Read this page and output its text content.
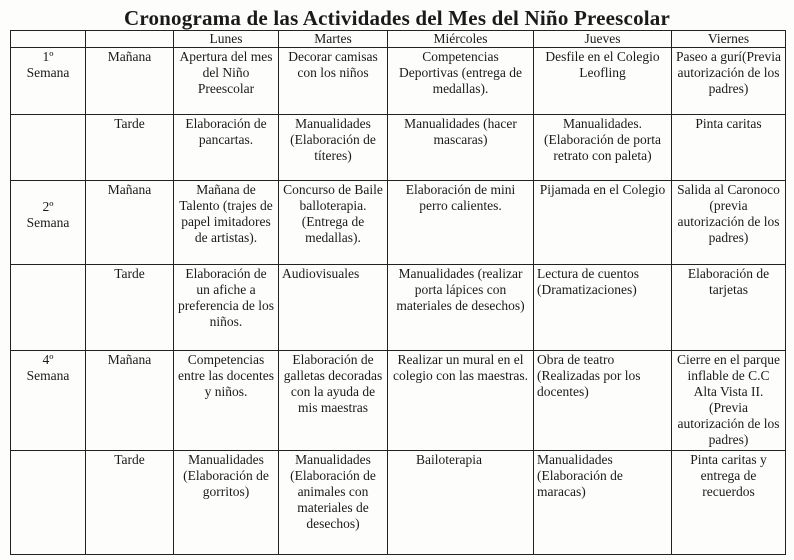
Cronograma de las Actividades del Mes del Niño Preescolar
		Lunes	Martes	Miércoles	Jueves	Viernes

1º
Semana	Mañana	Apertura del mes del Niño Preescolar	Decorar camisas con los niños	Competencias Deportivas (entrega de medallas).	Desfile en el Colegio Leofling	Paseo a gurí(Previa autorización de los padres)
	Tarde	Elaboración de pancartas.	Manualidades (Elaboración de títeres)	Manualidades (hacer mascaras)	Manualidades. (Elaboración de porta retrato con paleta)	Pinta caritas

2º
Semana	Mañana	Mañana de Talento (trajes de papel imitadores de artistas).	Concurso de Baile balloterapia. (Entrega de medallas).	Elaboración de mini perro calientes.	Pijamada en el Colegio	Salida al Caronoco (previa autorización de los padres)
	Tarde	Elaboración de un afiche a preferencia de los niños.	Audiovisuales	Manualidades (realizar porta lápices con materiales de desechos)	Lectura de cuentos (Dramatizaciones)	Elaboración de tarjetas

4º
Semana	Mañana	Competencias entre las docentes y niños.	Elaboración de galletas decoradas con la ayuda de mis maestras	Realizar un mural en el colegio con las maestras.	Obra de teatro (Realizadas por los docentes)	Cierre en el parque inflable de C.C Alta Vista II.(Previa autorización de los padres)
	Tarde	Manualidades (Elaboración de gorritos)	Manualidades (Elaboración de animales con materiales de desechos)	Bailoterapia	Manualidades (Elaboración de maracas)	Pinta caritas y entrega de recuerdos
